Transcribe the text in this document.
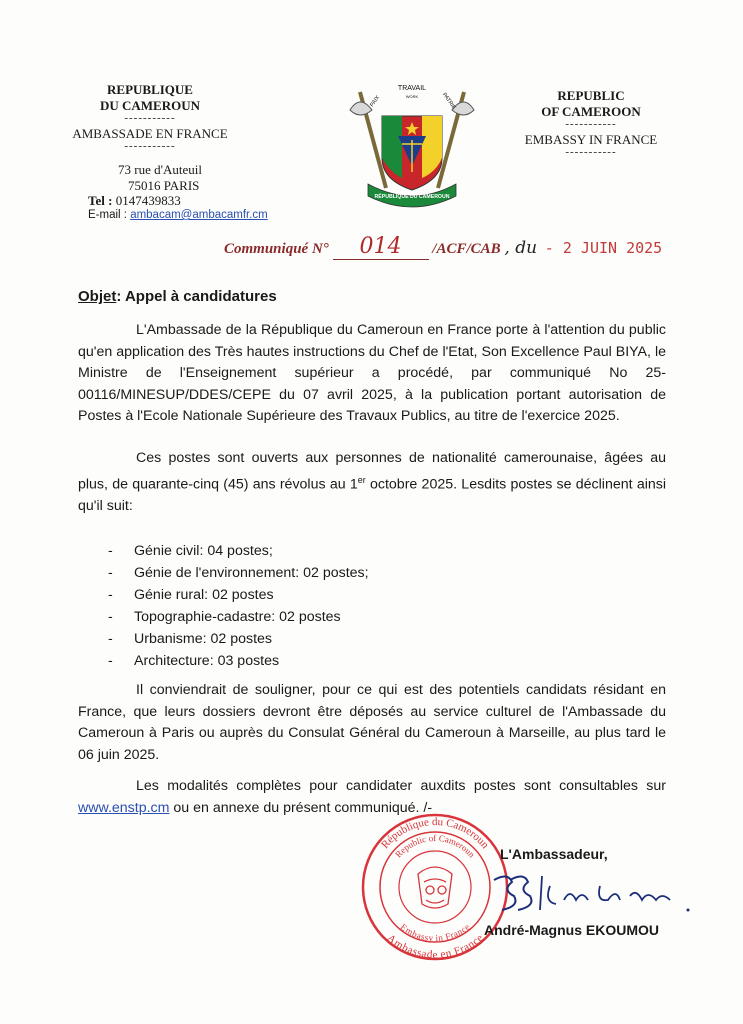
REPUBLIQUE
DU CAMEROUN
-----------
AMBASSADE EN FRANCE
-----------
73 rue d'Auteuil
75016 PARIS
Tel : 0147439833
E-mail : ambacam@ambacamfr.cm
TRAVAIL
WORK
PAIX	PATRIE
RÉPUBLIQUE DU CAMEROUN
REPUBLIC
OF CAMEROON
-----------
EMBASSY IN FRANCE
-----------
Communiqué N° 014 /ACF/CAB , du - 2 JUIN 2025
Objet: Appel à candidatures
L'Ambassade de la République du Cameroun en France porte à l'attention du public qu'en application des Très hautes instructions du Chef de l'Etat, Son Excellence Paul BIYA, le Ministre de l'Enseignement supérieur a procédé, par communiqué No 25-00116/MINESUP/DDES/CEPE du 07 avril 2025, à la publication portant autorisation de Postes à l'Ecole Nationale Supérieure des Travaux Publics, au titre de l'exercice 2025.
Ces postes sont ouverts aux personnes de nationalité camerounaise, âgées au plus, de quarante-cinq (45) ans révolus au 1er octobre 2025. Lesdits postes se déclinent ainsi qu'il suit:
- Génie civil: 04 postes;
- Génie de l'environnement: 02 postes;
- Génie rural: 02 postes
- Topographie-cadastre: 02 postes
- Urbanisme: 02 postes
- Architecture: 03 postes
Il conviendrait de souligner, pour ce qui est des potentiels candidats résidant en France, que leurs dossiers devront être déposés au service culturel de l'Ambassade du Cameroun à Paris ou auprès du Consulat Général du Cameroun à Marseille, au plus tard le 06 juin 2025.
Les modalités complètes pour candidater auxdits postes sont consultables sur www.enstp.cm ou en annexe du présent communiqué. /-
République du Cameroun
Republic of Cameroun
Embassy in France
Ambassade en France
L'Ambassadeur,
André-Magnus EKOUMOU
